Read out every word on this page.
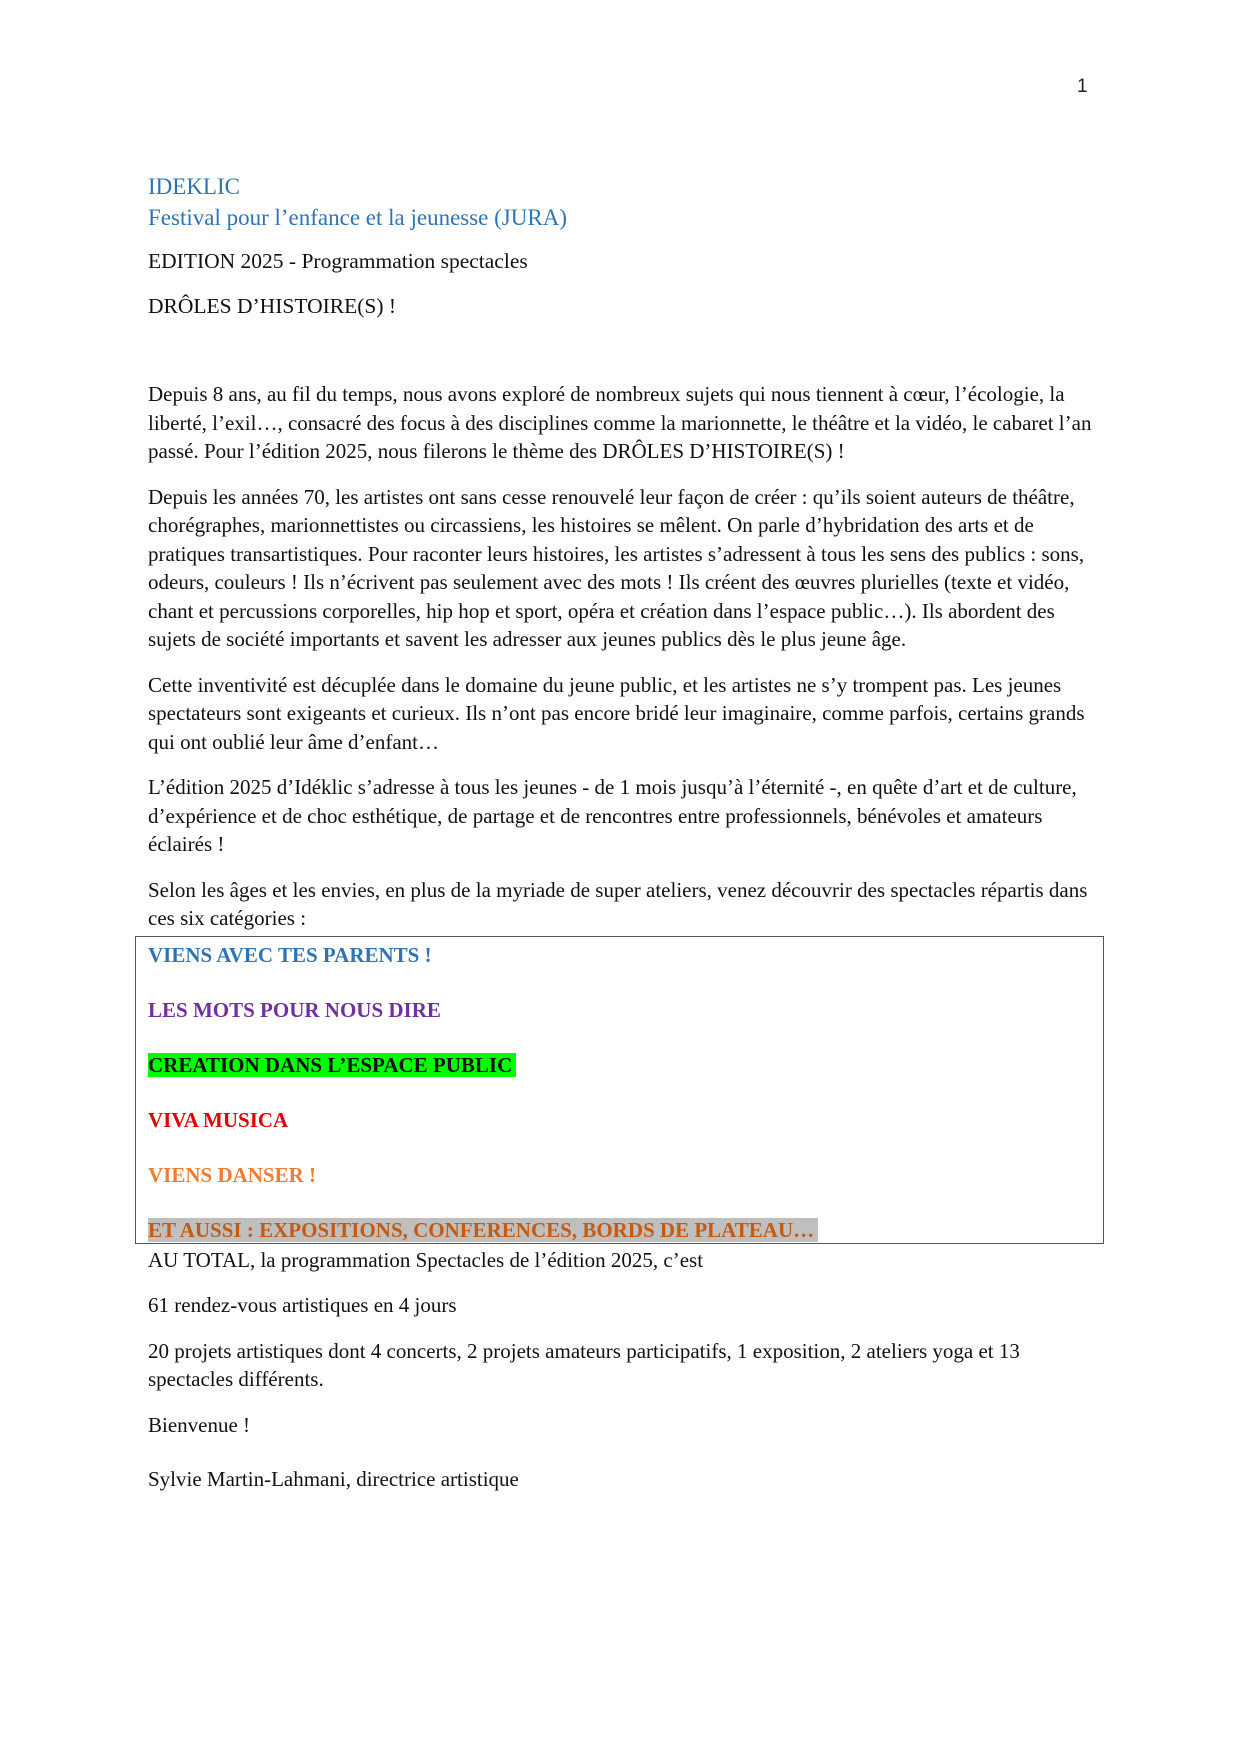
1

IDEKLIC

Festival pour l’enfance et la jeunesse (JURA)

EDITION 2025 - Programmation spectacles

DRÔLES D’HISTOIRE(S) !

Depuis 8 ans, au fil du temps, nous avons exploré de nombreux sujets qui nous tiennent à cœur, l’écologie, la liberté, l’exil…, consacré des focus à des disciplines comme la marionnette, le théâtre et la vidéo, le cabaret l’an passé. Pour l’édition 2025, nous filerons le thème des DRÔLES D’HISTOIRE(S) !

Depuis les années 70, les artistes ont sans cesse renouvelé leur façon de créer : qu’ils soient auteurs de théâtre, chorégraphes, marionnettistes ou circassiens, les histoires se mêlent. On parle d’hybridation des arts et de pratiques transartistiques. Pour raconter leurs histoires, les artistes s’adressent à tous les sens des publics : sons, odeurs, couleurs ! Ils n’écrivent pas seulement avec des mots ! Ils créent des œuvres plurielles (texte et vidéo, chant et percussions corporelles, hip hop et sport, opéra et création dans l’espace public…). Ils abordent des sujets de société importants et savent les adresser aux jeunes publics dès le plus jeune âge.

Cette inventivité est décuplée dans le domaine du jeune public, et les artistes ne s’y trompent pas. Les jeunes spectateurs sont exigeants et curieux. Ils n’ont pas encore bridé leur imaginaire, comme parfois, certains grands qui ont oublié leur âme d’enfant…

L’édition 2025 d’Idéklic s’adresse à tous les jeunes - de 1 mois jusqu’à l’éternité -, en quête d’art et de culture, d’expérience et de choc esthétique, de partage et de rencontres entre professionnels, bénévoles et amateurs éclairés !

Selon les âges et les envies, en plus de la myriade de super ateliers, venez découvrir des spectacles répartis dans ces six catégories :

VIENS AVEC TES PARENTS !
LES MOTS POUR NOUS DIRE
CREATION DANS L’ESPACE PUBLIC
VIVA MUSICA
VIENS DANSER !
ET AUSSI : EXPOSITIONS, CONFERENCES, BORDS DE PLATEAU…

AU TOTAL, la programmation Spectacles de l’édition 2025, c’est

61 rendez-vous artistiques en 4 jours

20 projets artistiques dont 4 concerts, 2 projets amateurs participatifs, 1 exposition, 2 ateliers yoga et 13 spectacles différents.

Bienvenue !

Sylvie Martin-Lahmani, directrice artistique
